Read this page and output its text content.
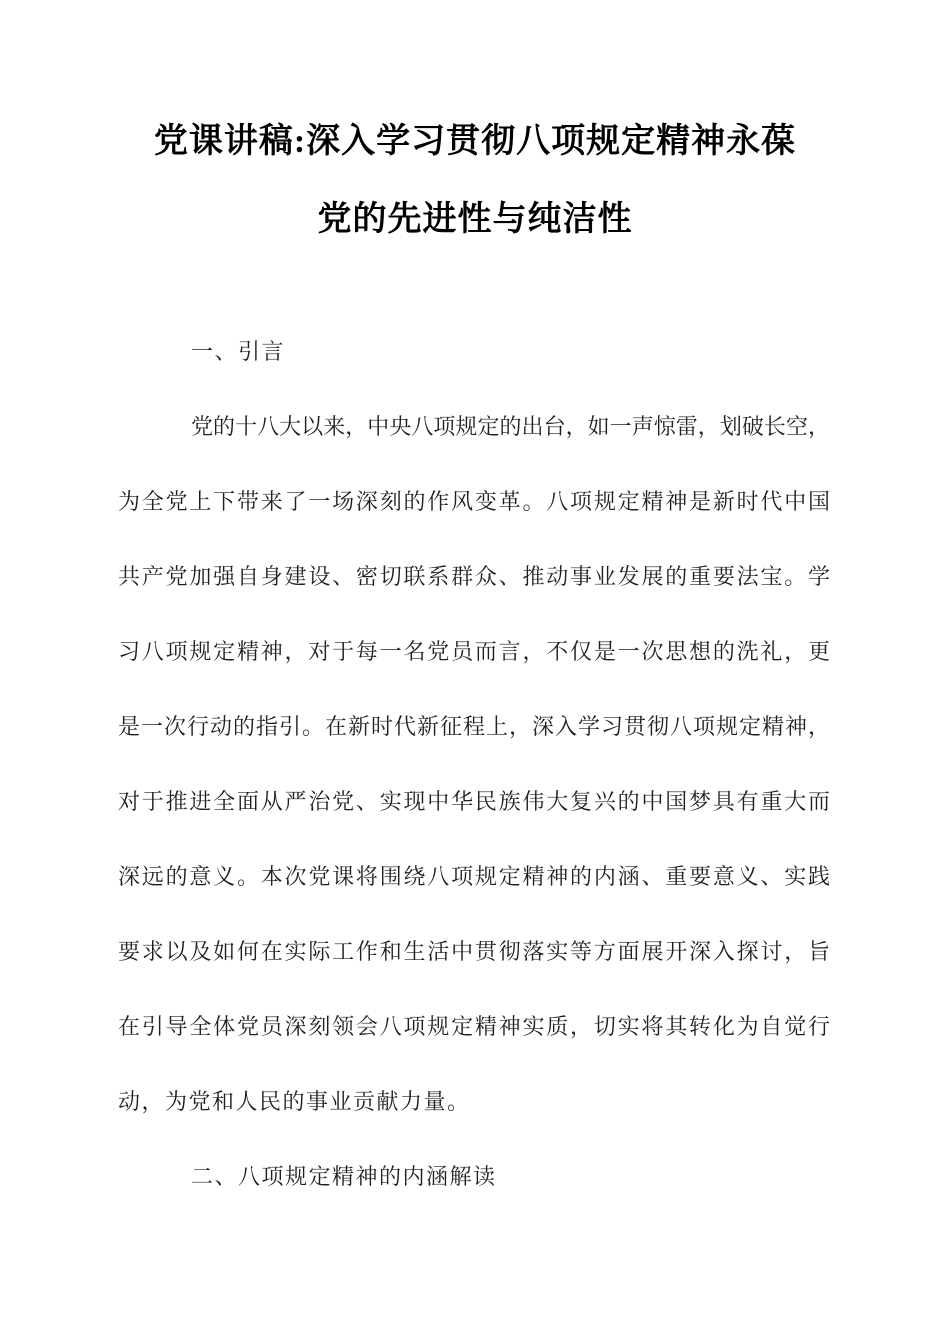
党课讲稿:深入学习贯彻八项规定精神永葆
党的先进性与纯洁性
一、引言
党的十八大以来，中央八项规定的出台，如一声惊雷，划破长空，
为全党上下带来了一场深刻的作风变革。八项规定精神是新时代中国
共产党加强自身建设、密切联系群众、推动事业发展的重要法宝。学
习八项规定精神，对于每一名党员而言，不仅是一次思想的洗礼，更
是一次行动的指引。在新时代新征程上，深入学习贯彻八项规定精神，
对于推进全面从严治党、实现中华民族伟大复兴的中国梦具有重大而
深远的意义。本次党课将围绕八项规定精神的内涵、重要意义、实践
要求以及如何在实际工作和生活中贯彻落实等方面展开深入探讨，旨
在引导全体党员深刻领会八项规定精神实质，切实将其转化为自觉行
动，为党和人民的事业贡献力量。
二、八项规定精神的内涵解读
